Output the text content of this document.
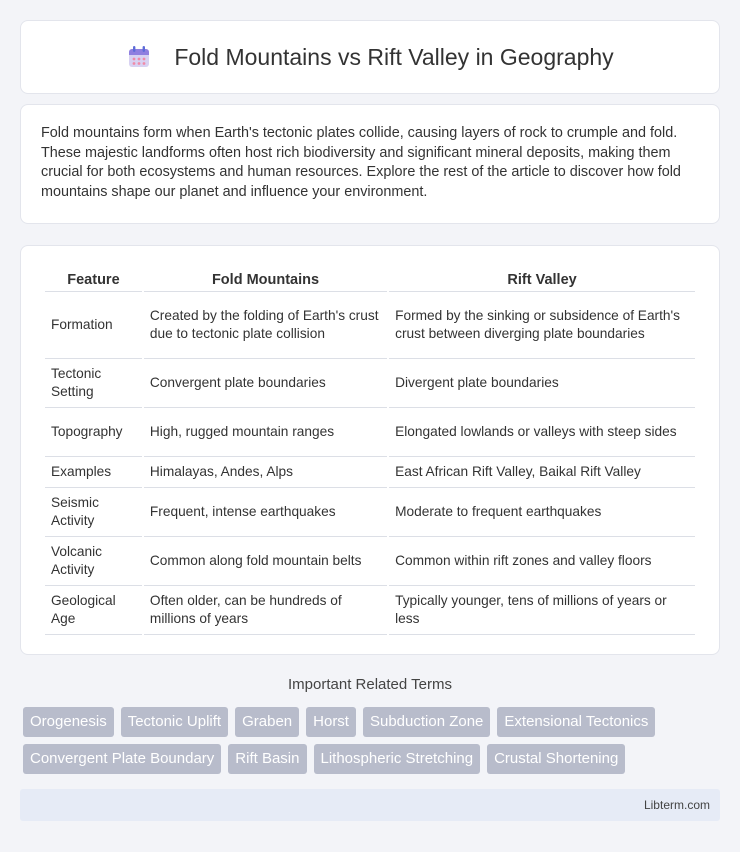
Fold Mountains vs Rift Valley in Geography

Fold mountains form when Earth's tectonic plates collide, causing layers of rock to crumple and fold. These majestic landforms often host rich biodiversity and significant mineral deposits, making them crucial for both ecosystems and human resources. Explore the rest of the article to discover how fold mountains shape our planet and influence your environment.

Feature	Fold Mountains	Rift Valley
Formation	Created by the folding of Earth's crust due to tectonic plate collision	Formed by the sinking or subsidence of Earth's crust between diverging plate boundaries
Tectonic Setting	Convergent plate boundaries	Divergent plate boundaries
Topography	High, rugged mountain ranges	Elongated lowlands or valleys with steep sides
Examples	Himalayas, Andes, Alps	East African Rift Valley, Baikal Rift Valley
Seismic Activity	Frequent, intense earthquakes	Moderate to frequent earthquakes
Volcanic Activity	Common along fold mountain belts	Common within rift zones and valley floors
Geological Age	Often older, can be hundreds of millions of years	Typically younger, tens of millions of years or less
Important Related Terms
Orogenesis	Tectonic Uplift	Graben	Horst	Subduction Zone	Extensional Tectonics
Convergent Plate Boundary	Rift Basin	Lithospheric Stretching	Crustal Shortening
Libterm.com
